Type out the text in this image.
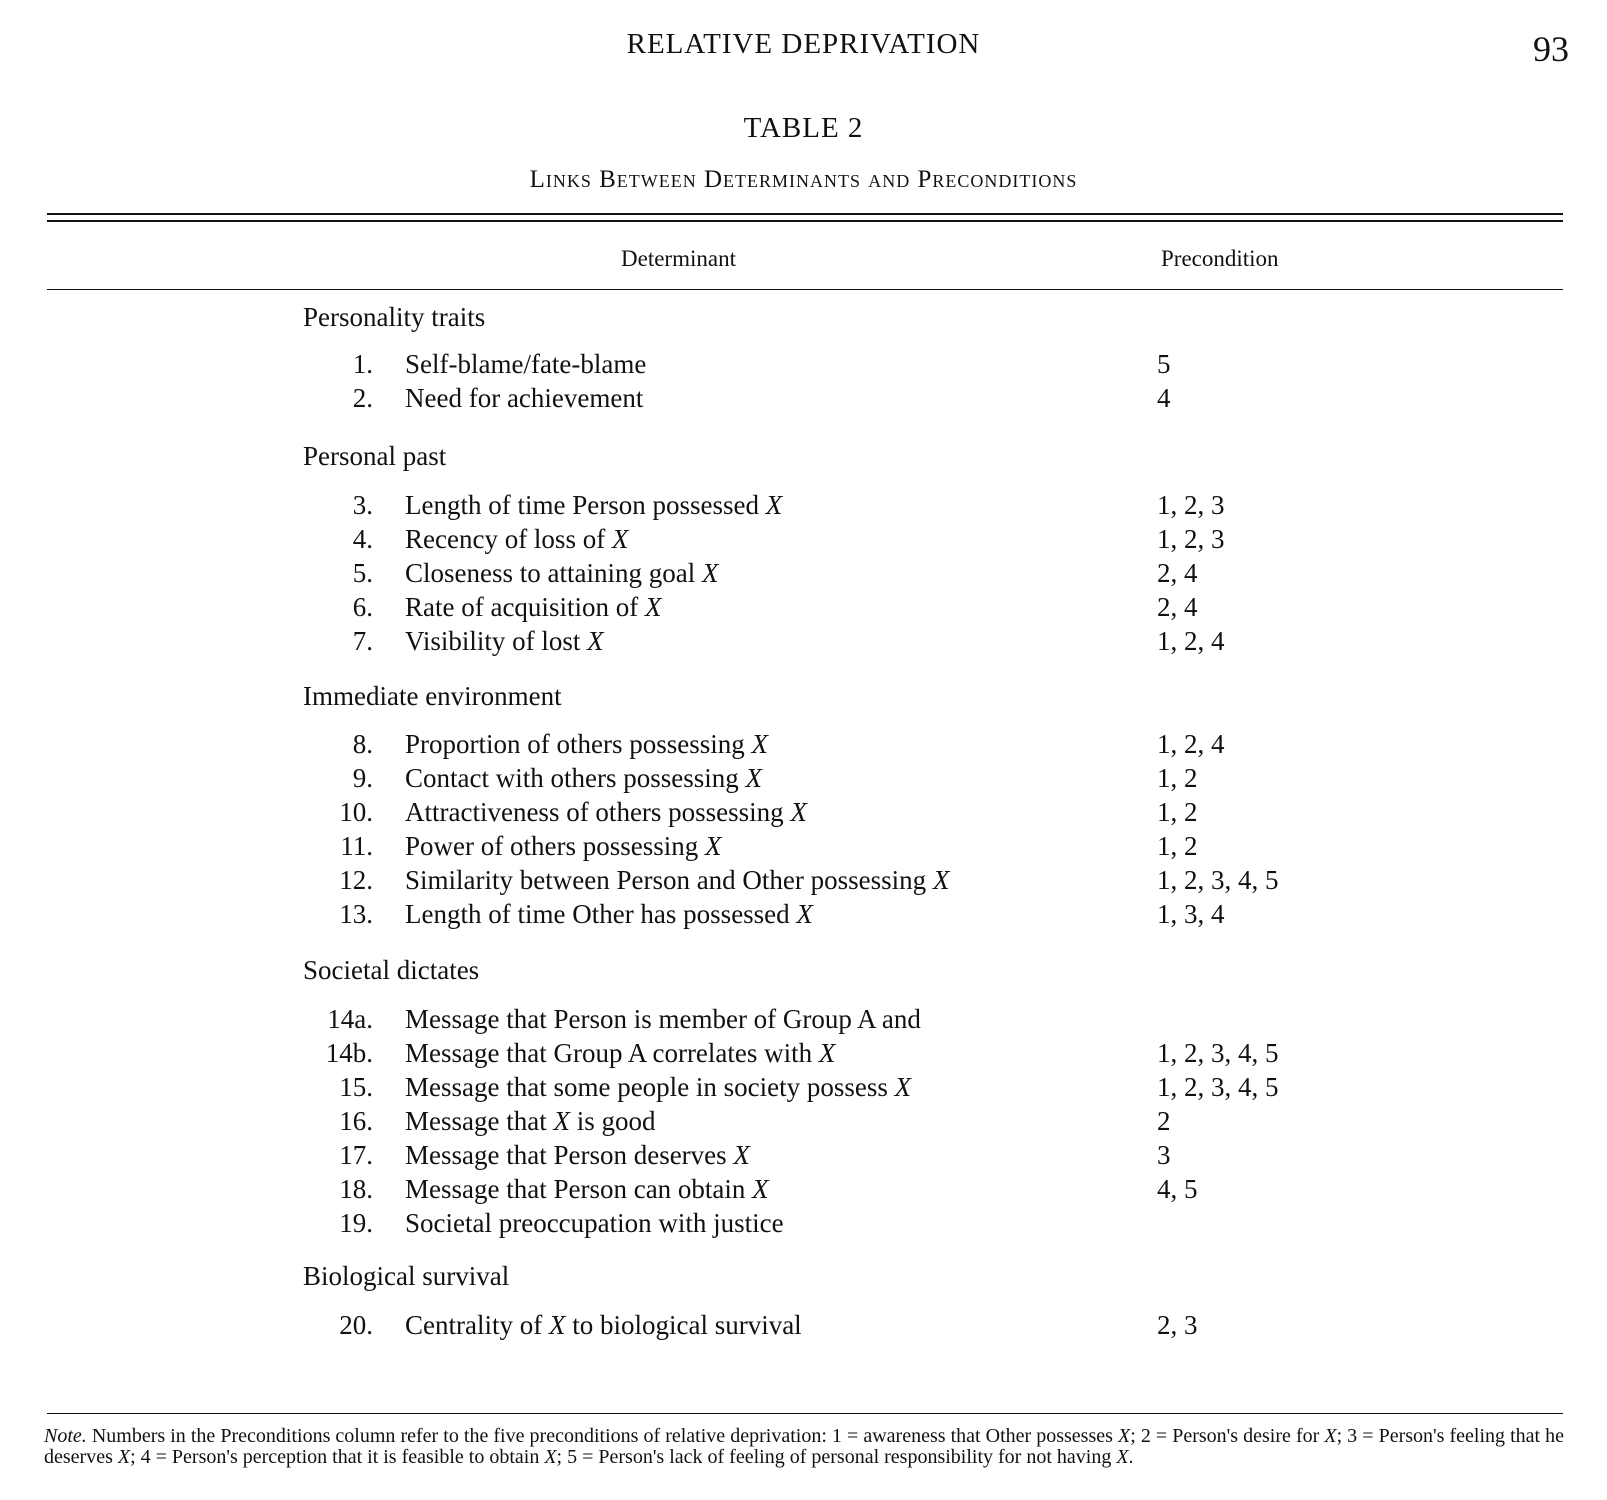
RELATIVE DEPRIVATION	93
TABLE 2
Links Between Determinants and Preconditions
Determinant	Precondition
Personality traits
1. Self-blame/fate-blame	5
2. Need for achievement	4
Personal past
3. Length of time Person possessed X	1, 2, 3
4. Recency of loss of X	1, 2, 3
5. Closeness to attaining goal X	2, 4
6. Rate of acquisition of X	2, 4
7. Visibility of lost X	1, 2, 4
Immediate environment
8. Proportion of others possessing X	1, 2, 4
9. Contact with others possessing X	1, 2
10. Attractiveness of others possessing X	1, 2
11. Power of others possessing X	1, 2
12. Similarity between Person and Other possessing X	1, 2, 3, 4, 5
13. Length of time Other has possessed X	1, 3, 4
Societal dictates
14a. Message that Person is member of Group A and
14b. Message that Group A correlates with X	1, 2, 3, 4, 5
15. Message that some people in society possess X	1, 2, 3, 4, 5
16. Message that X is good	2
17. Message that Person deserves X	3
18. Message that Person can obtain X	4, 5
19. Societal preoccupation with justice
Biological survival
20. Centrality of X to biological survival	2, 3
Note. Numbers in the Preconditions column refer to the five preconditions of relative deprivation: 1 = awareness that Other possesses X; 2 = Person's desire for X; 3 = Person's feeling that he deserves X; 4 = Person's perception that it is feasible to obtain X; 5 = Person's lack of feeling of personal responsibility for not having X.
